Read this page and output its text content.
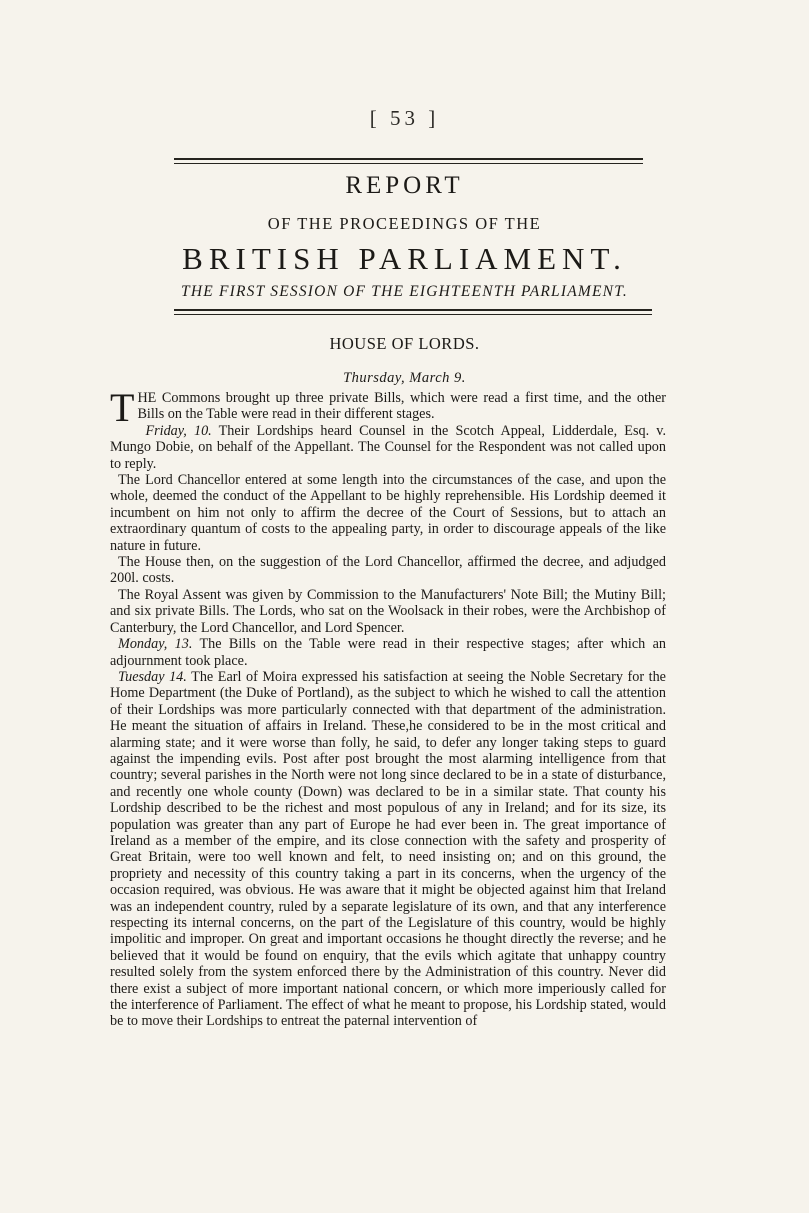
[ 53 ]
REPORT
OF THE PROCEEDINGS OF THE
BRITISH PARLIAMENT.
THE FIRST SESSION OF THE EIGHTEENTH PARLIAMENT.
HOUSE OF LORDS.
Thursday, March 9.

THE Commons brought up three private Bills, which were read a first time, and the other Bills on the Table were read in their different stages.

Friday, 10. Their Lordships heard Counsel in the Scotch Appeal, Lidderdale, Esq. v. Mungo Dobie, on behalf of the Appellant. The Counsel for the Respondent was not called upon to reply.

The Lord Chancellor entered at some length into the circumstances of the case, and upon the whole, deemed the conduct of the Appellant to be highly reprehensible. His Lordship deemed it incumbent on him not only to affirm the decree of the Court of Sessions, but to attach an extraordinary quantum of costs to the appealing party, in order to discourage appeals of the like nature in future.

The House then, on the suggestion of the Lord Chancellor, affirmed the decree, and adjudged 200l. costs.

The Royal Assent was given by Commission to the Manufacturers' Note Bill; the Mutiny Bill; and six private Bills. The Lords, who sat on the Woolsack in their robes, were the Archbishop of Canterbury, the Lord Chancellor, and Lord Spencer.

Monday, 13. The Bills on the Table were read in their respective stages; after which an adjournment took place.

Tuesday 14. The Earl of Moira expressed his satisfaction at seeing the Noble Secretary for the Home Department (the Duke of Portland), as the subject to which he wished to call the attention of their Lordships was more particularly connected with that department of the administration. He meant the situation of affairs in Ireland. These,he considered to be in the most critical and alarming state; and it were worse than folly, he said, to defer any longer taking steps to guard against the impending evils. Post after post brought the most alarming intelligence from that country; several parishes in the North were not long since declared to be in a state of disturbance, and recently one whole county (Down) was declared to be in a similar state. That county his Lordship described to be the richest and most populous of any in Ireland; and for its size, its population was greater than any part of Europe he had ever been in. The great importance of Ireland as a member of the empire, and its close connection with the safety and prosperity of Great Britain, were too well known and felt, to need insisting on; and on this ground, the propriety and necessity of this country taking a part in its concerns, when the urgency of the occasion required, was obvious. He was aware that it might be objected against him that Ireland was an independent country, ruled by a separate legislature of its own, and that any interference respecting its internal concerns, on the part of the Legislature of this country, would be highly impolitic and improper. On great and important occasions he thought directly the reverse; and he believed that it would be found on enquiry, that the evils which agitate that unhappy country resulted solely from the system enforced there by the Administration of this country. Never did there exist a subject of more important national concern, or which more imperiously called for the interference of Parliament. The effect of what he meant to propose, his Lordship stated, would be to move their Lordships to entreat the paternal intervention of
